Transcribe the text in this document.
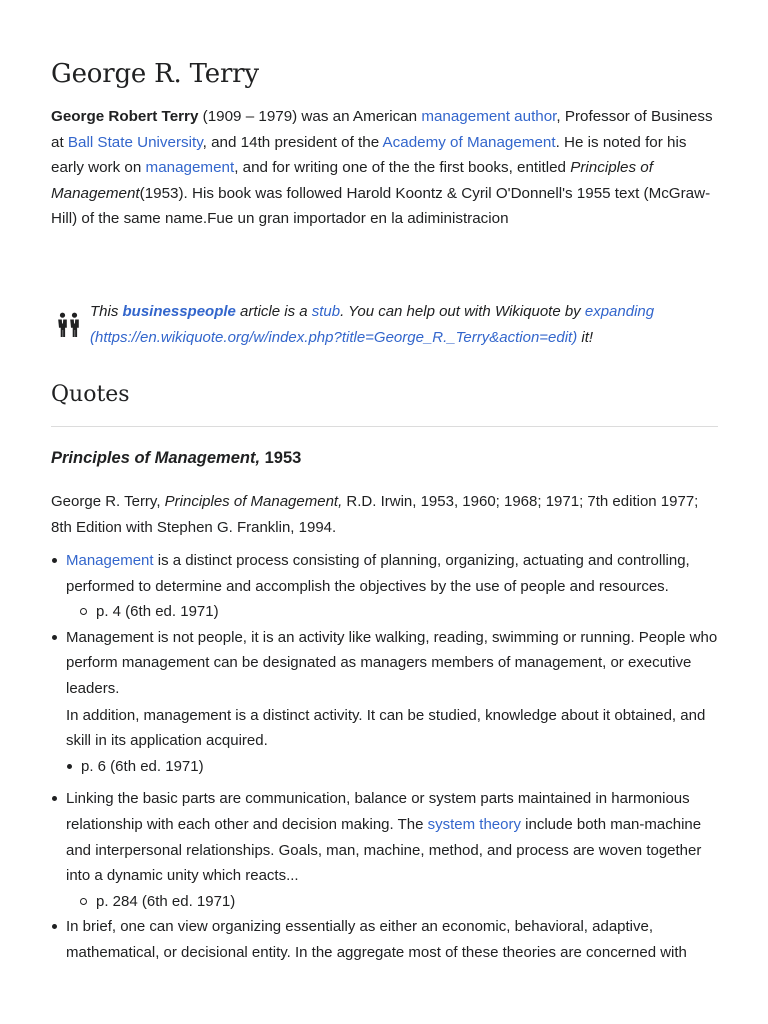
George R. Terry

George Robert Terry (1909 – 1979) was an American management author, Professor of Business at Ball State University, and 14th president of the Academy of Management. He is noted for his early work on management, and for writing one of the the first books, entitled Principles of Management(1953). His book was followed Harold Koontz & Cyril O'Donnell's 1955 text (McGraw-Hill) of the same name.Fue un gran importador en la adiministracion

This businesspeople article is a stub. You can help out with Wikiquote by expanding (https://en.wikiquote.org/w/index.php?title=George_R._Terry&action=edit) it!
Quotes
Principles of Management, 1953

George R. Terry, Principles of Management, R.D. Irwin, 1953, 1960; 1968; 1971; 7th edition 1977; 8th Edition with Stephen G. Franklin, 1994.

Management is a distinct process consisting of planning, organizing, actuating and controlling, performed to determine and accomplish the objectives by the use of people and resources.
p. 4 (6th ed. 1971)
Management is not people, it is an activity like walking, reading, swimming or running. People who perform management can be designated as managers members of management, or executive leaders.
In addition, management is a distinct activity. It can be studied, knowledge about it obtained, and skill in its application acquired.
p. 6 (6th ed. 1971)
Linking the basic parts are communication, balance or system parts maintained in harmonious relationship with each other and decision making. The system theory include both man-machine and interpersonal relationships. Goals, man, machine, method, and process are woven together into a dynamic unity which reacts...
p. 284 (6th ed. 1971)
In brief, one can view organizing essentially as either an economic, behavioral, adaptive, mathematical, or decisional entity. In the aggregate most of these theories are concerned with
